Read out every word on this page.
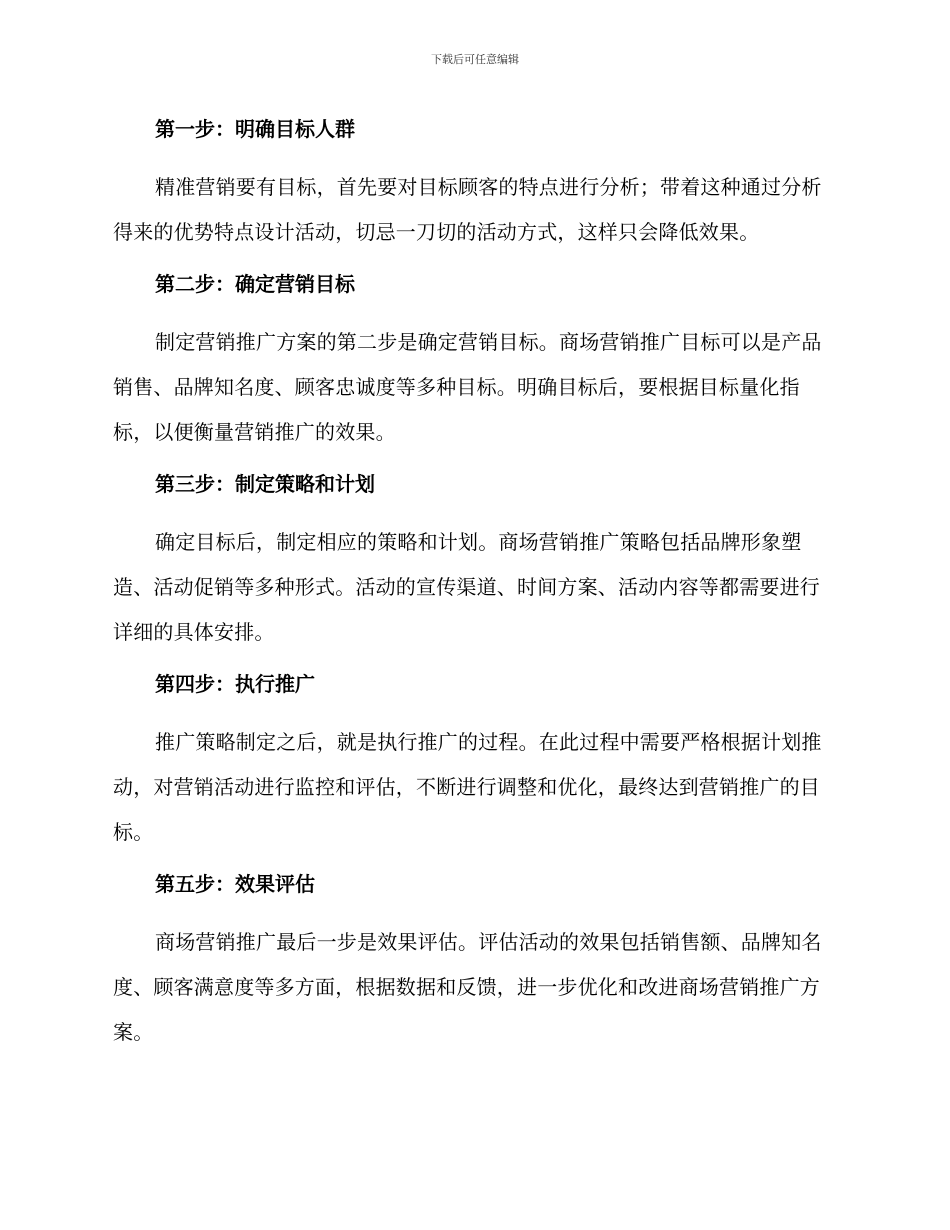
下载后可任意编辑

第一步：明确目标人群

精准营销要有目标，首先要对目标顾客的特点进行分析；带着这种通过分析得来的优势特点设计活动，切忌一刀切的活动方式，这样只会降低效果。

第二步：确定营销目标

制定营销推广方案的第二步是确定营销目标。商场营销推广目标可以是产品销售、品牌知名度、顾客忠诚度等多种目标。明确目标后，要根据目标量化指标，以便衡量营销推广的效果。

第三步：制定策略和计划

确定目标后，制定相应的策略和计划。商场营销推广策略包括品牌形象塑造、活动促销等多种形式。活动的宣传渠道、时间方案、活动内容等都需要进行详细的具体安排。

第四步：执行推广

推广策略制定之后，就是执行推广的过程。在此过程中需要严格根据计划推动，对营销活动进行监控和评估，不断进行调整和优化，最终达到营销推广的目标。

第五步：效果评估

商场营销推广最后一步是效果评估。评估活动的效果包括销售额、品牌知名度、顾客满意度等多方面，根据数据和反馈，进一步优化和改进商场营销推广方案。
